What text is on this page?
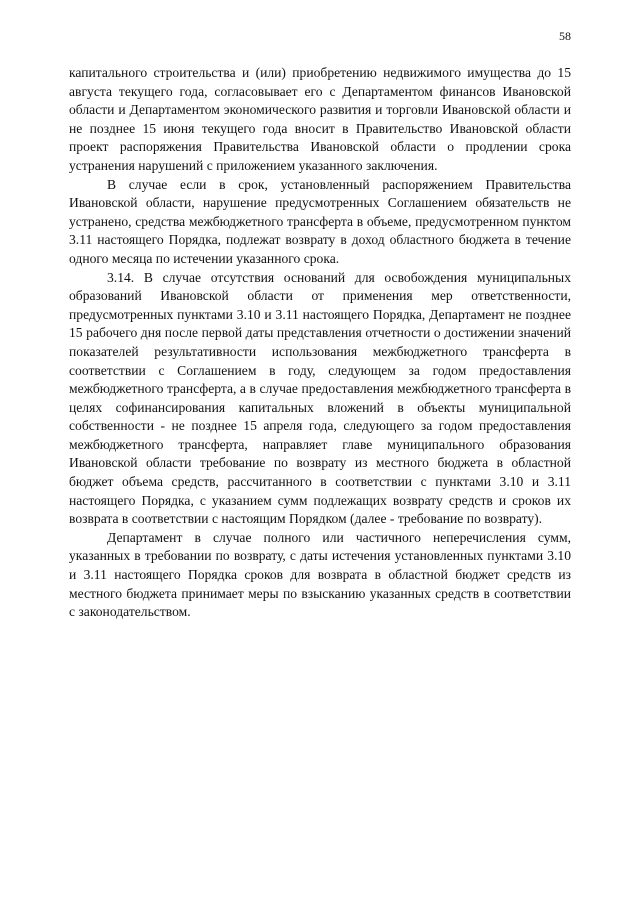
58

капитального строительства и (или) приобретению недвижимого имущества до 15 августа текущего года, согласовывает его с Департаментом финансов Ивановской области и Департаментом экономического развития и торговли Ивановской области и не позднее 15 июня текущего года вносит в Правительство Ивановской области проект распоряжения Правительства Ивановской области о продлении срока устранения нарушений с приложением указанного заключения.

В случае если в срок, установленный распоряжением Правительства Ивановской области, нарушение предусмотренных Соглашением обязательств не устранено, средства межбюджетного трансферта в объеме, предусмотренном пунктом 3.11 настоящего Порядка, подлежат возврату в доход областного бюджета в течение одного месяца по истечении указанного срока.

3.14. В случае отсутствия оснований для освобождения муниципальных образований Ивановской области от применения мер ответственности, предусмотренных пунктами 3.10 и 3.11 настоящего Порядка, Департамент не позднее 15 рабочего дня после первой даты представления отчетности о достижении значений показателей результативности использования межбюджетного трансферта в соответствии с Соглашением в году, следующем за годом предоставления межбюджетного трансферта, а в случае предоставления межбюджетного трансферта в целях софинансирования капитальных вложений в объекты муниципальной собственности - не позднее 15 апреля года, следующего за годом предоставления межбюджетного трансферта, направляет главе муниципального образования Ивановской области требование по возврату из местного бюджета в областной бюджет объема средств, рассчитанного в соответствии с пунктами 3.10 и 3.11 настоящего Порядка, с указанием сумм подлежащих возврату средств и сроков их возврата в соответствии с настоящим Порядком (далее - требование по возврату).

Департамент в случае полного или частичного неперечисления сумм, указанных в требовании по возврату, с даты истечения установленных пунктами 3.10 и 3.11 настоящего Порядка сроков для возврата в областной бюджет средств из местного бюджета принимает меры по взысканию указанных средств в соответствии с законодательством.
